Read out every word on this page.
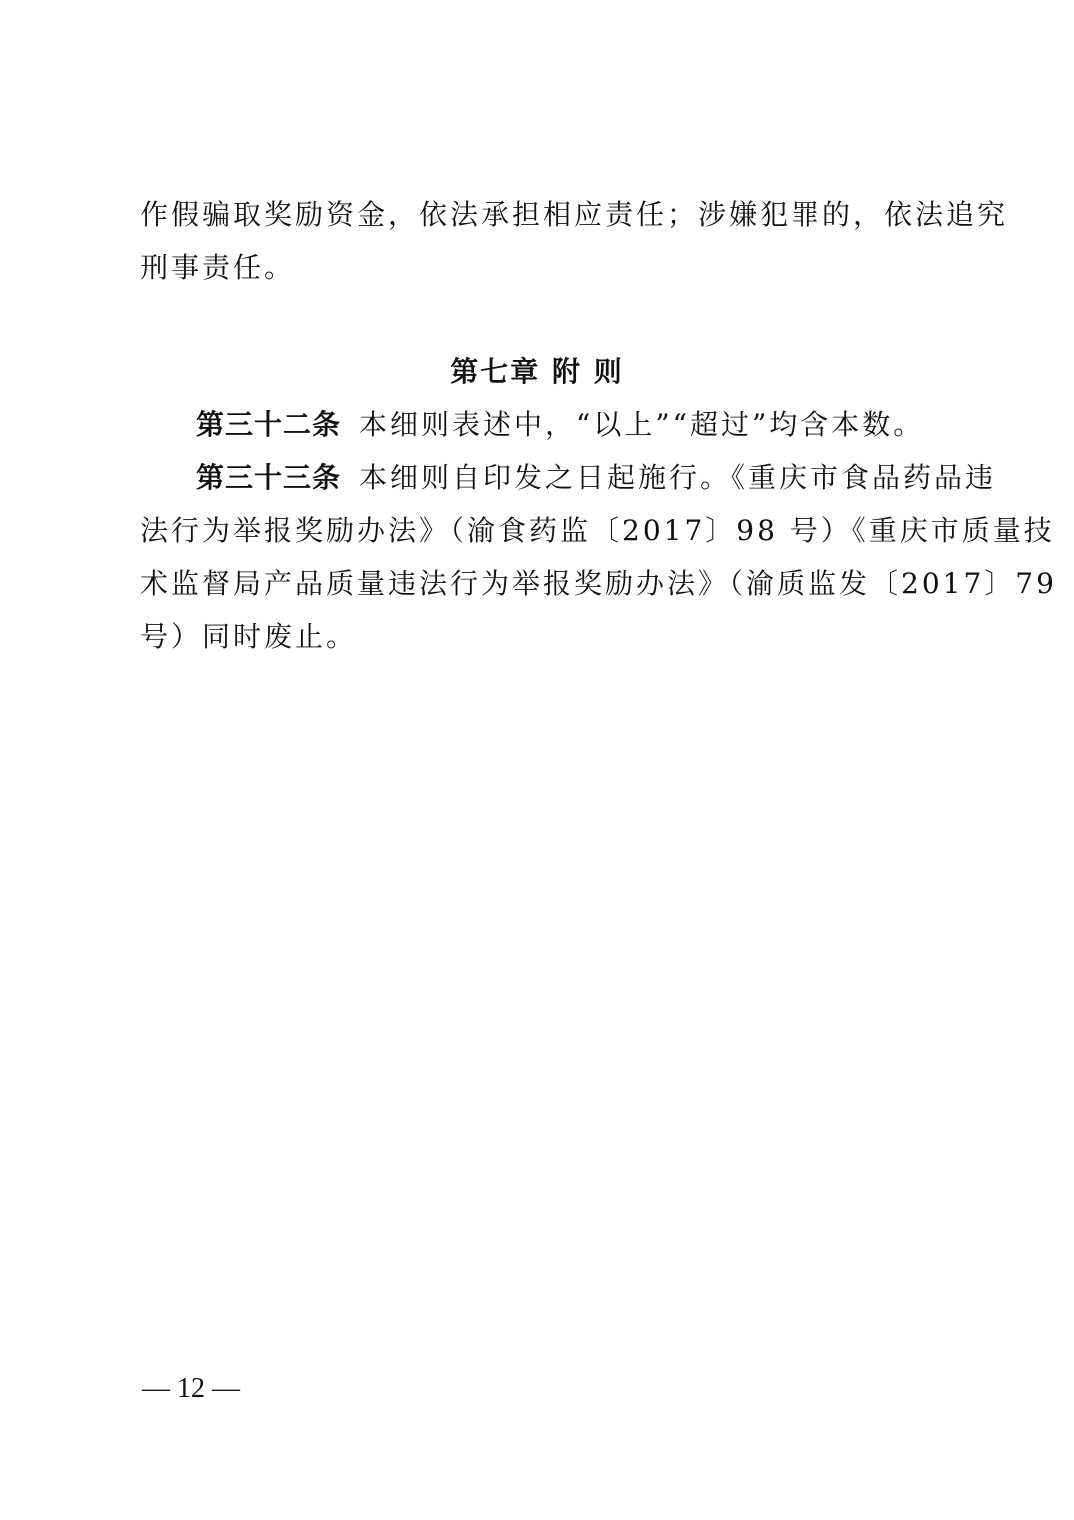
作假骗取奖励资金，依法承担相应责任；涉嫌犯罪的，依法追究
刑事责任。
第七章 附 则
第三十二条 本细则表述中，“以上”“超过”均含本数。
第三十三条 本细则自印发之日起施行。《重庆市食品药品违
法行为举报奖励办法》（渝食药监〔2017〕98 号）《重庆市质量技
术监督局产品质量违法行为举报奖励办法》（渝质监发〔2017〕79
号）同时废止。
— 12 —
